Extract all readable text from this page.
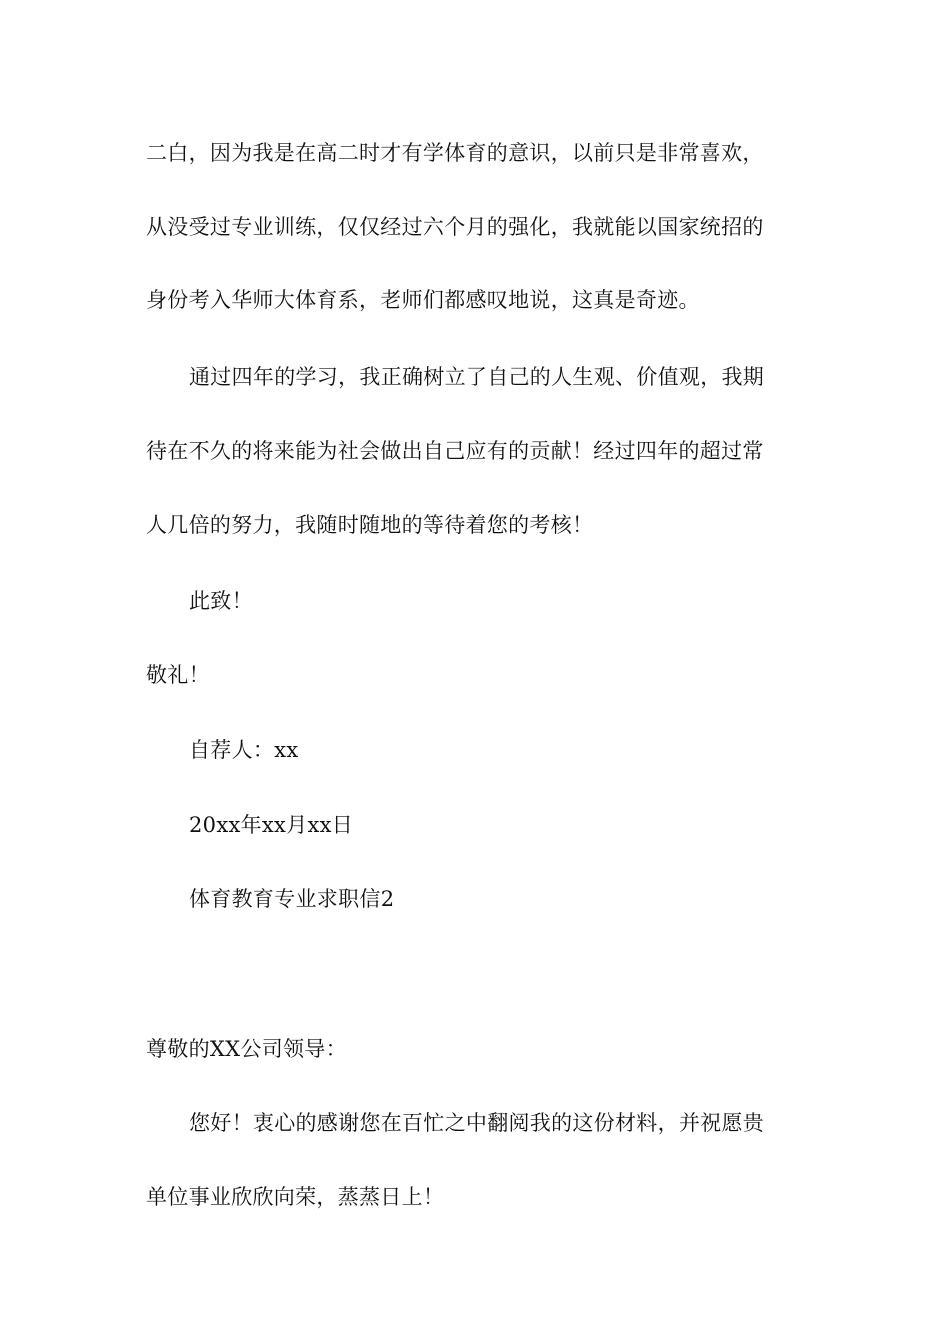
二白，因为我是在高二时才有学体育的意识，以前只是非常喜欢，
从没受过专业训练，仅仅经过六个月的强化，我就能以国家统招的
身份考入华师大体育系，老师们都感叹地说，这真是奇迹。
通过四年的学习，我正确树立了自己的人生观、价值观，我期
待在不久的将来能为社会做出自己应有的贡献！经过四年的超过常
人几倍的努力，我随时随地的等待着您的考核！
此致！
敬礼！
自荐人：xx
20xx年xx月xx日
体育教育专业求职信2
尊敬的XX公司领导：
您好！衷心的感谢您在百忙之中翻阅我的这份材料，并祝愿贵
单位事业欣欣向荣，蒸蒸日上！
